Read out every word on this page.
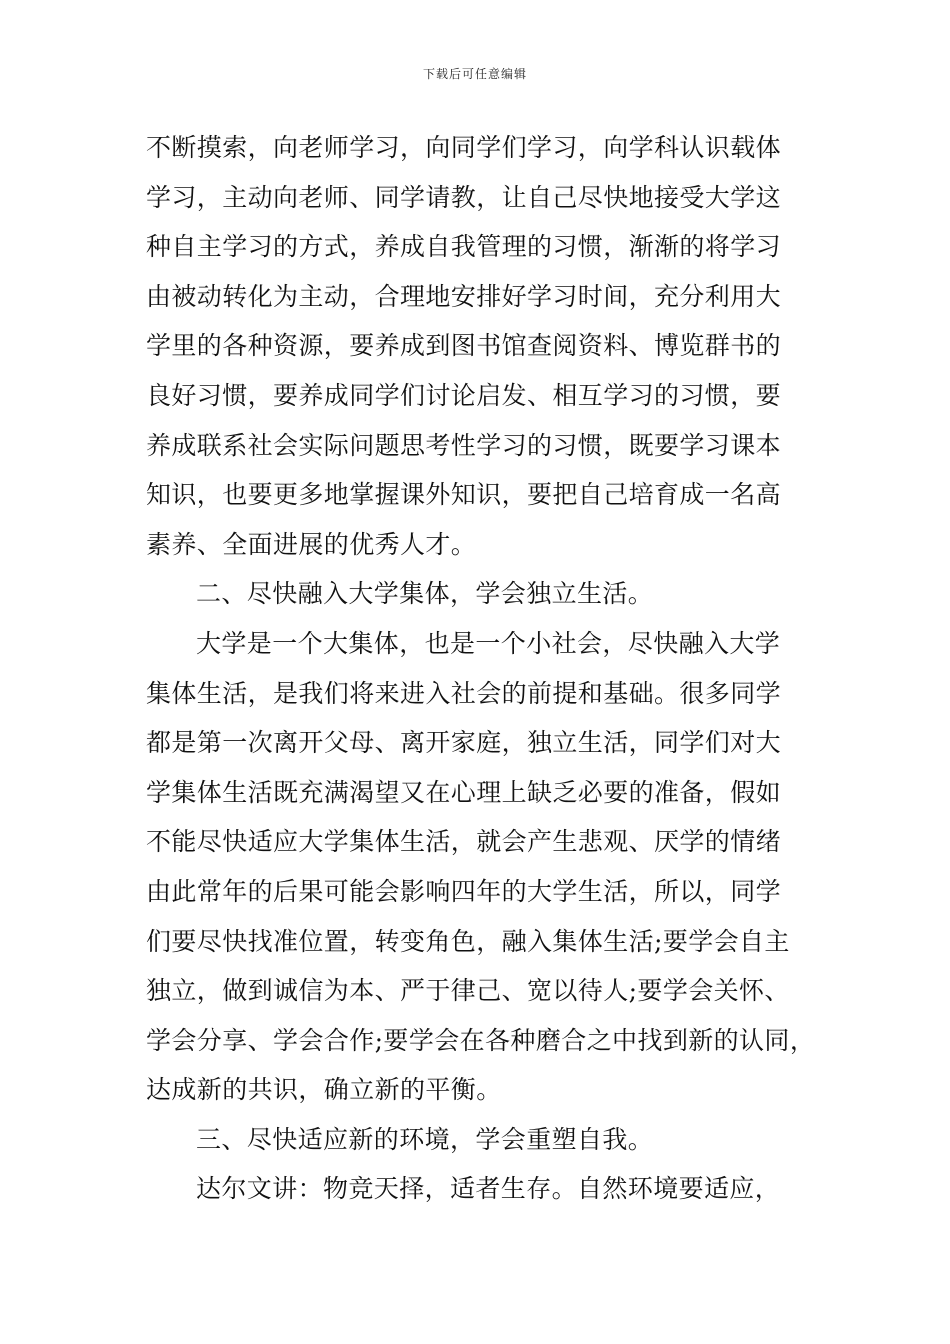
下载后可任意编辑
不断摸索，向老师学习，向同学们学习，向学科认识载体
学习，主动向老师、同学请教，让自己尽快地接受大学这
种自主学习的方式，养成自我管理的习惯，渐渐的将学习
由被动转化为主动，合理地安排好学习时间，充分利用大
学里的各种资源，要养成到图书馆查阅资料、博览群书的
良好习惯，要养成同学们讨论启发、相互学习的习惯，要
养成联系社会实际问题思考性学习的习惯，既要学习课本
知识，也要更多地掌握课外知识，要把自己培育成一名高
素养、全面进展的优秀人才。
二、尽快融入大学集体，学会独立生活。
大学是一个大集体，也是一个小社会，尽快融入大学
集体生活，是我们将来进入社会的前提和基础。很多同学
都是第一次离开父母、离开家庭，独立生活，同学们对大
学集体生活既充满渴望又在心理上缺乏必要的准备，假如
不能尽快适应大学集体生活，就会产生悲观、厌学的情绪
由此常年的后果可能会影响四年的大学生活，所以，同学
们要尽快找准位置，转变角色，融入集体生活;要学会自主
独立，做到诚信为本、严于律己、宽以待人;要学会关怀、
学会分享、学会合作;要学会在各种磨合之中找到新的认同，
达成新的共识，确立新的平衡。
三、尽快适应新的环境，学会重塑自我。
达尔文讲：物竞天择，适者生存。自然环境要适应，
